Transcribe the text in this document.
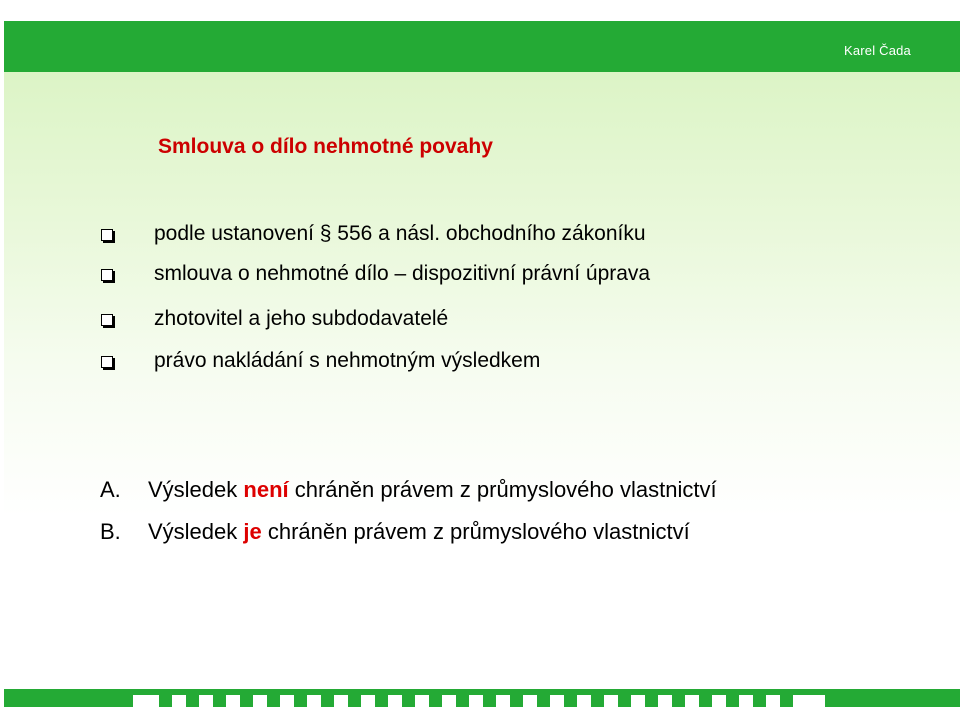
Karel Čada
Smlouva o dílo nehmotné povahy
podle ustanovení § 556 a násl. obchodního zákoníku
smlouva o nehmotné dílo – dispozitivní právní úprava
zhotovitel a jeho subdodavatelé
právo nakládání s nehmotným výsledkem
A. Výsledek není chráněn právem z průmyslového vlastnictví
B. Výsledek je chráněn právem z průmyslového vlastnictví
